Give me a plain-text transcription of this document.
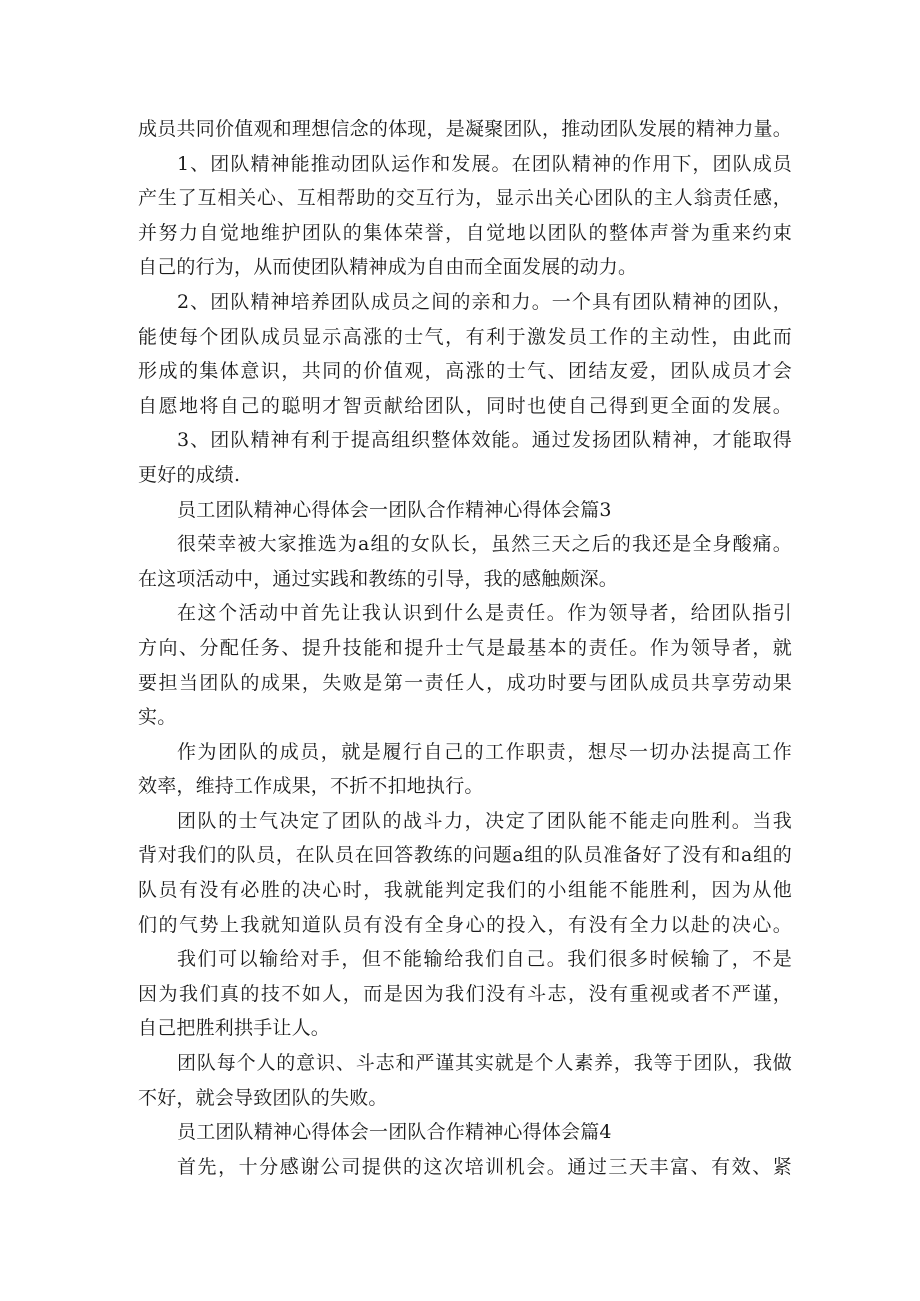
成员共同价值观和理想信念的体现，是凝聚团队，推动团队发展的精神力量。
1、团队精神能推动团队运作和发展。在团队精神的作用下，团队成员
产生了互相关心、互相帮助的交互行为，显示出关心团队的主人翁责任感，
并努力自觉地维护团队的集体荣誉，自觉地以团队的整体声誉为重来约束
自己的行为，从而使团队精神成为自由而全面发展的动力。
2、团队精神培养团队成员之间的亲和力。一个具有团队精神的团队，
能使每个团队成员显示高涨的士气，有利于激发员工作的主动性，由此而
形成的集体意识，共同的价值观，高涨的士气、团结友爱，团队成员才会
自愿地将自己的聪明才智贡献给团队，同时也使自己得到更全面的发展。
3、团队精神有利于提高组织整体效能。通过发扬团队精神，才能取得
更好的成绩.
员工团队精神心得体会一团队合作精神心得体会篇3
很荣幸被大家推选为a组的女队长，虽然三天之后的我还是全身酸痛。
在这项活动中，通过实践和教练的引导，我的感触颇深。
在这个活动中首先让我认识到什么是责任。作为领导者，给团队指引
方向、分配任务、提升技能和提升士气是最基本的责任。作为领导者，就
要担当团队的成果，失败是第一责任人，成功时要与团队成员共享劳动果
实。
作为团队的成员，就是履行自己的工作职责，想尽一切办法提高工作
效率，维持工作成果，不折不扣地执行。
团队的士气决定了团队的战斗力，决定了团队能不能走向胜利。当我
背对我们的队员，在队员在回答教练的问题a组的队员准备好了没有和a组的
队员有没有必胜的决心时，我就能判定我们的小组能不能胜利，因为从他
们的气势上我就知道队员有没有全身心的投入，有没有全力以赴的决心。
我们可以输给对手，但不能输给我们自己。我们很多时候输了，不是
因为我们真的技不如人，而是因为我们没有斗志，没有重视或者不严谨，
自己把胜利拱手让人。
团队每个人的意识、斗志和严谨其实就是个人素养，我等于团队，我做
不好，就会导致团队的失败。
员工团队精神心得体会一团队合作精神心得体会篇4
首先，十分感谢公司提供的这次培训机会。通过三天丰富、有效、紧
